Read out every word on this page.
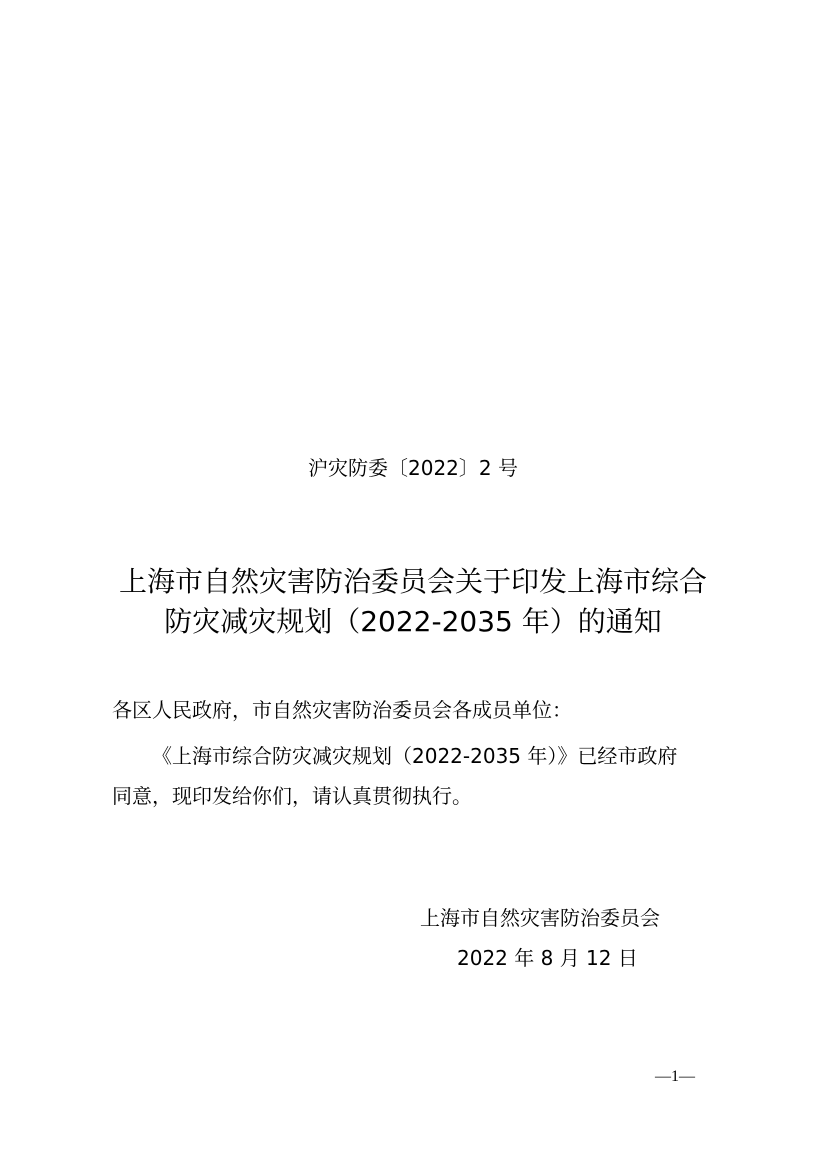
沪灾防委〔2022〕2 号
上海市自然灾害防治委员会关于印发上海市综合
防灾减灾规划（2022-2035 年）的通知
各区人民政府，市自然灾害防治委员会各成员单位：
《上海市综合防灾减灾规划（2022-2035 年）》已经市政府
同意，现印发给你们，请认真贯彻执行。
上海市自然灾害防治委员会
2022 年 8 月 12 日
—1—
